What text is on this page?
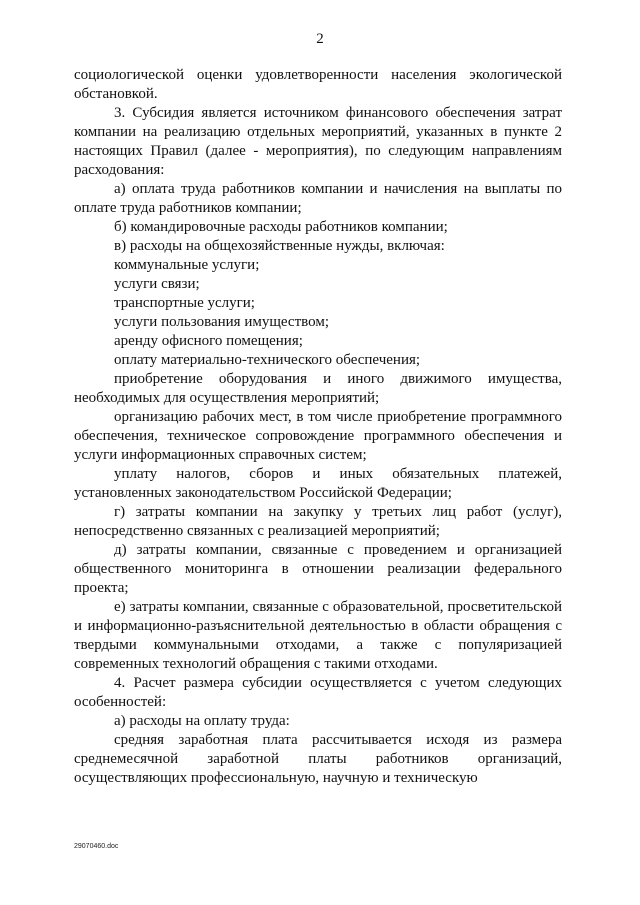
2

социологической оценки удовлетворенности населения экологической обстановкой.

3. Субсидия является источником финансового обеспечения затрат компании на реализацию отдельных мероприятий, указанных в пункте 2 настоящих Правил (далее - мероприятия), по следующим направлениям расходования:

а) оплата труда работников компании и начисления на выплаты по оплате труда работников компании;

б) командировочные расходы работников компании;

в) расходы на общехозяйственные нужды, включая:

коммунальные услуги;

услуги связи;

транспортные услуги;

услуги пользования имуществом;

аренду офисного помещения;

оплату материально-технического обеспечения;

приобретение оборудования и иного движимого имущества, необходимых для осуществления мероприятий;

организацию рабочих мест, в том числе приобретение программного обеспечения, техническое сопровождение программного обеспечения и услуги информационных справочных систем;

уплату налогов, сборов и иных обязательных платежей, установленных законодательством Российской Федерации;

г) затраты компании на закупку у третьих лиц работ (услуг), непосредственно связанных с реализацией мероприятий;

д) затраты компании, связанные с проведением и организацией общественного мониторинга в отношении реализации федерального проекта;

е) затраты компании, связанные с образовательной, просветительской и информационно-разъяснительной деятельностью в области обращения с твердыми коммунальными отходами, а также с популяризацией современных технологий обращения с такими отходами.

4. Расчет размера субсидии осуществляется с учетом следующих особенностей:

а) расходы на оплату труда:

средняя заработная плата рассчитывается исходя из размера среднемесячной заработной платы работников организаций, осуществляющих профессиональную, научную и техническую

29070460.doc
